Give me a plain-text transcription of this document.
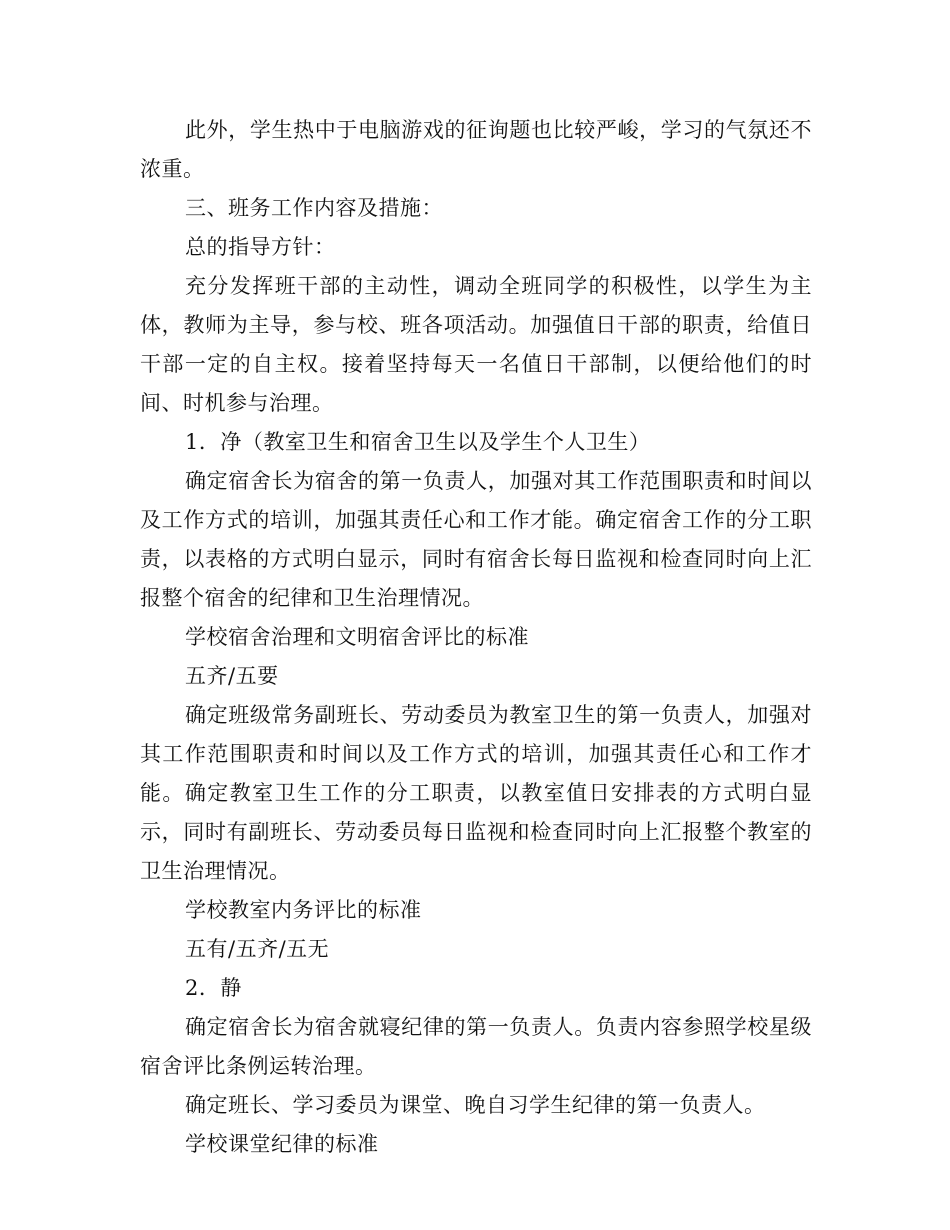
此外，学生热中于电脑游戏的征询题也比较严峻，学习的气氛还不浓重。

三、班务工作内容及措施：

总的指导方针：

充分发挥班干部的主动性，调动全班同学的积极性，以学生为主体，教师为主导，参与校、班各项活动。加强值日干部的职责，给值日干部一定的自主权。接着坚持每天一名值日干部制，以便给他们的时间、时机参与治理。

1．净（教室卫生和宿舍卫生以及学生个人卫生）

确定宿舍长为宿舍的第一负责人，加强对其工作范围职责和时间以及工作方式的培训，加强其责任心和工作才能。确定宿舍工作的分工职责，以表格的方式明白显示，同时有宿舍长每日监视和检查同时向上汇报整个宿舍的纪律和卫生治理情况。

学校宿舍治理和文明宿舍评比的标准

五齐/五要

确定班级常务副班长、劳动委员为教室卫生的第一负责人，加强对其工作范围职责和时间以及工作方式的培训，加强其责任心和工作才能。确定教室卫生工作的分工职责，以教室值日安排表的方式明白显示，同时有副班长、劳动委员每日监视和检查同时向上汇报整个教室的卫生治理情况。

学校教室内务评比的标准

五有/五齐/五无

2．静

确定宿舍长为宿舍就寝纪律的第一负责人。负责内容参照学校星级宿舍评比条例运转治理。

确定班长、学习委员为课堂、晚自习学生纪律的第一负责人。

学校课堂纪律的标准
